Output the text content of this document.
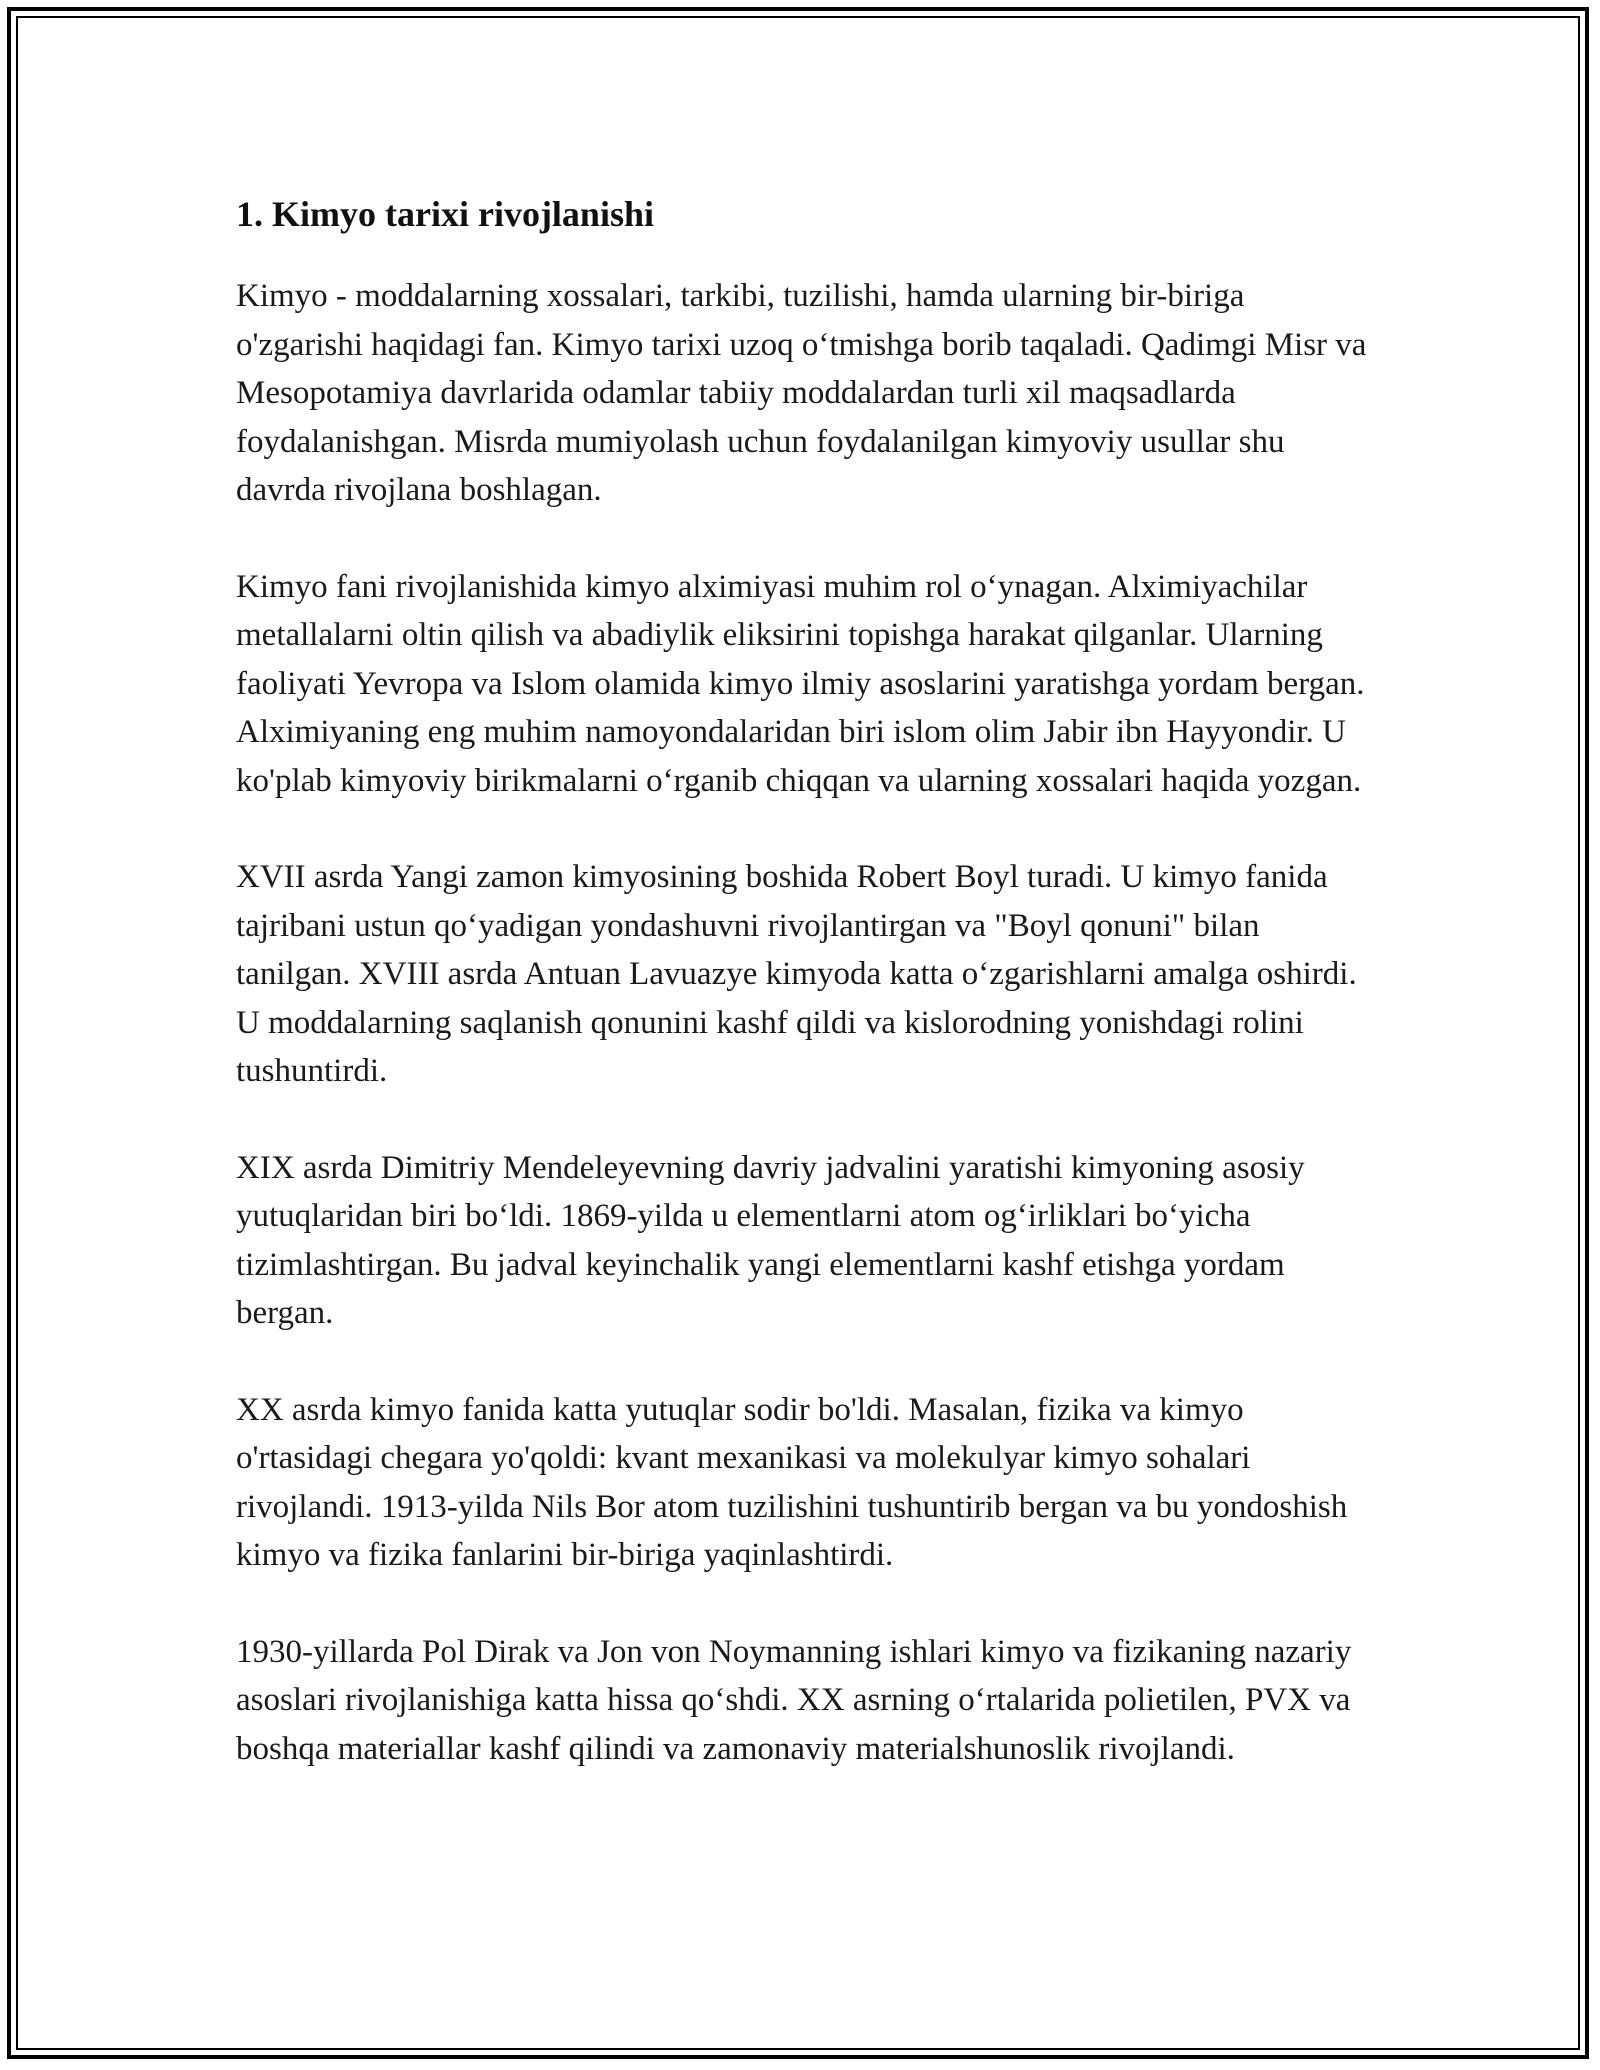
1. Kimyo tarixi rivojlanishi

Kimyo - moddalarning xossalari, tarkibi, tuzilishi, hamda ularning bir-biriga o'zgarishi haqidagi fan. Kimyo tarixi uzoq o‘tmishga borib taqaladi. Qadimgi Misr va Mesopotamiya davrlarida odamlar tabiiy moddalardan turli xil maqsadlarda foydalanishgan. Misrda mumiyolash uchun foydalanilgan kimyoviy usullar shu davrda rivojlana boshlagan.

Kimyo fani rivojlanishida kimyo alximiyasi muhim rol o‘ynagan. Alximiyachilar metallalarni oltin qilish va abadiylik eliksirini topishga harakat qilganlar. Ularning faoliyati Yevropa va Islom olamida kimyo ilmiy asoslarini yaratishga yordam bergan. Alximiyaning eng muhim namoyondalaridan biri islom olim Jabir ibn Hayyondir. U ko'plab kimyoviy birikmalarni o‘rganib chiqqan va ularning xossalari haqida yozgan.

XVII asrda Yangi zamon kimyosining boshida Robert Boyl turadi. U kimyo fanida tajribani ustun qo‘yadigan yondashuvni rivojlantirgan va "Boyl qonuni" bilan tanilgan. XVIII asrda Antuan Lavuazye kimyoda katta o‘zgarishlarni amalga oshirdi. U moddalarning saqlanish qonunini kashf qildi va kislorodning yonishdagi rolini tushuntirdi.

XIX asrda Dimitriy Mendeleyevning davriy jadvalini yaratishi kimyoning asosiy yutuqlaridan biri bo‘ldi. 1869-yilda u elementlarni atom og‘irliklari bo‘yicha tizimlashtirgan. Bu jadval keyinchalik yangi elementlarni kashf etishga yordam bergan.

XX asrda kimyo fanida katta yutuqlar sodir bo'ldi. Masalan, fizika va kimyo o'rtasidagi chegara yo'qoldi: kvant mexanikasi va molekulyar kimyo sohalari rivojlandi. 1913-yilda Nils Bor atom tuzilishini tushuntirib bergan va bu yondoshish kimyo va fizika fanlarini bir-biriga yaqinlashtirdi.

1930-yillarda Pol Dirak va Jon von Noymanning ishlari kimyo va fizikaning nazariy asoslari rivojlanishiga katta hissa qo‘shdi. XX asrning o‘rtalarida polietilen, PVX va boshqa materiallar kashf qilindi va zamonaviy materialshunoslik rivojlandi.
